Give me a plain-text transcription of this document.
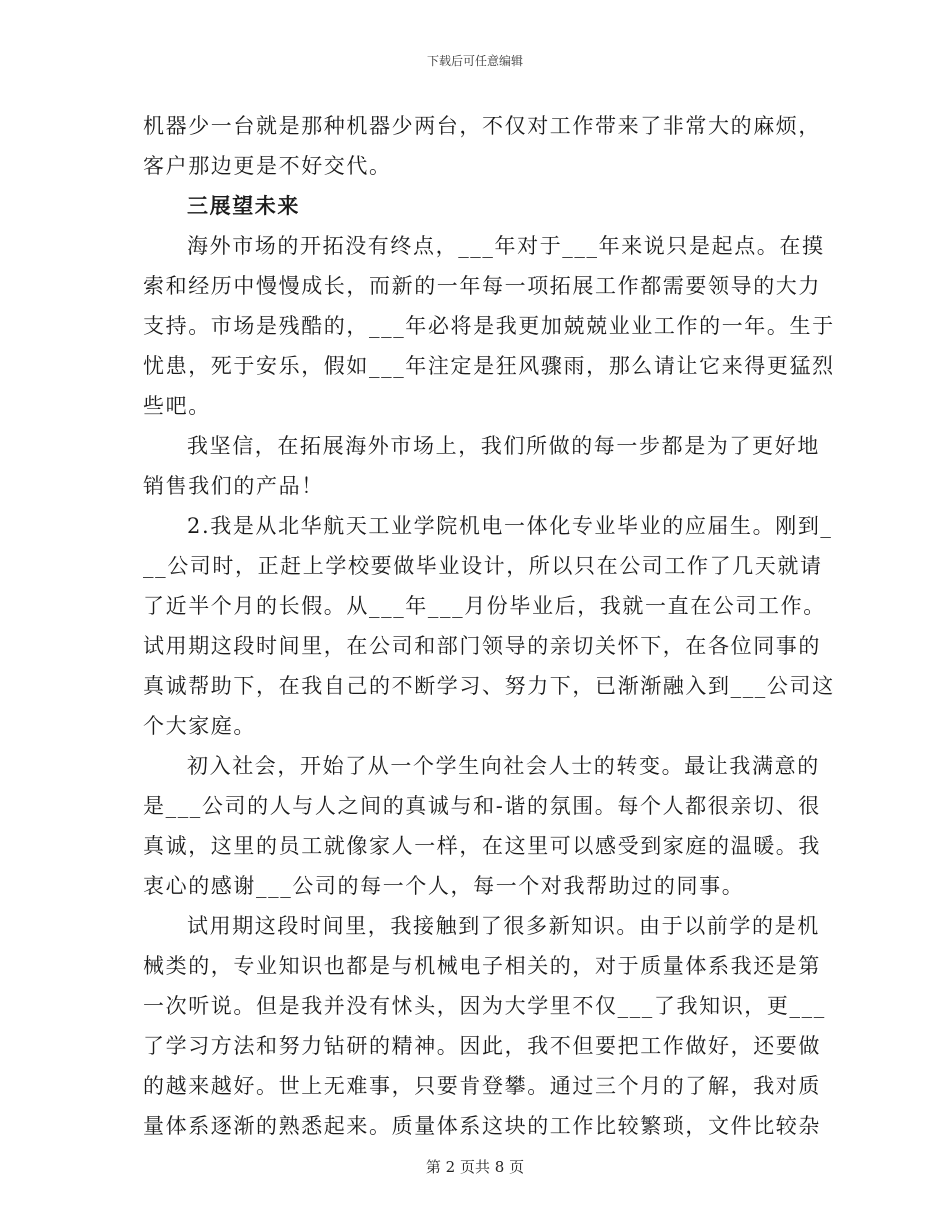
下载后可任意编辑
机器少一台就是那种机器少两台，不仅对工作带来了非常大的麻烦，
客户那边更是不好交代。
三展望未来
海外市场的开拓没有终点，___年对于___年来说只是起点。在摸
索和经历中慢慢成长，而新的一年每一项拓展工作都需要领导的大力
支持。市场是残酷的，___年必将是我更加兢兢业业工作的一年。生于
忧患，死于安乐，假如___年注定是狂风骤雨，那么请让它来得更猛烈
些吧。
我坚信，在拓展海外市场上，我们所做的每一步都是为了更好地
销售我们的产品！
2.我是从北华航天工业学院机电一体化专业毕业的应届生。刚到_
__公司时，正赶上学校要做毕业设计，所以只在公司工作了几天就请
了近半个月的长假。从___年___月份毕业后，我就一直在公司工作。
试用期这段时间里，在公司和部门领导的亲切关怀下，在各位同事的
真诚帮助下，在我自己的不断学习、努力下，已渐渐融入到___公司这
个大家庭。
初入社会，开始了从一个学生向社会人士的转变。最让我满意的
是___公司的人与人之间的真诚与和-谐的氛围。每个人都很亲切、很
真诚，这里的员工就像家人一样，在这里可以感受到家庭的温暖。我
衷心的感谢___公司的每一个人，每一个对我帮助过的同事。
试用期这段时间里，我接触到了很多新知识。由于以前学的是机
械类的，专业知识也都是与机械电子相关的，对于质量体系我还是第
一次听说。但是我并没有怵头，因为大学里不仅___了我知识，更___
了学习方法和努力钻研的精神。因此，我不但要把工作做好，还要做
的越来越好。世上无难事，只要肯登攀。通过三个月的了解，我对质
量体系逐渐的熟悉起来。质量体系这块的工作比较繁琐，文件比较杂
第 2 页共 8 页
